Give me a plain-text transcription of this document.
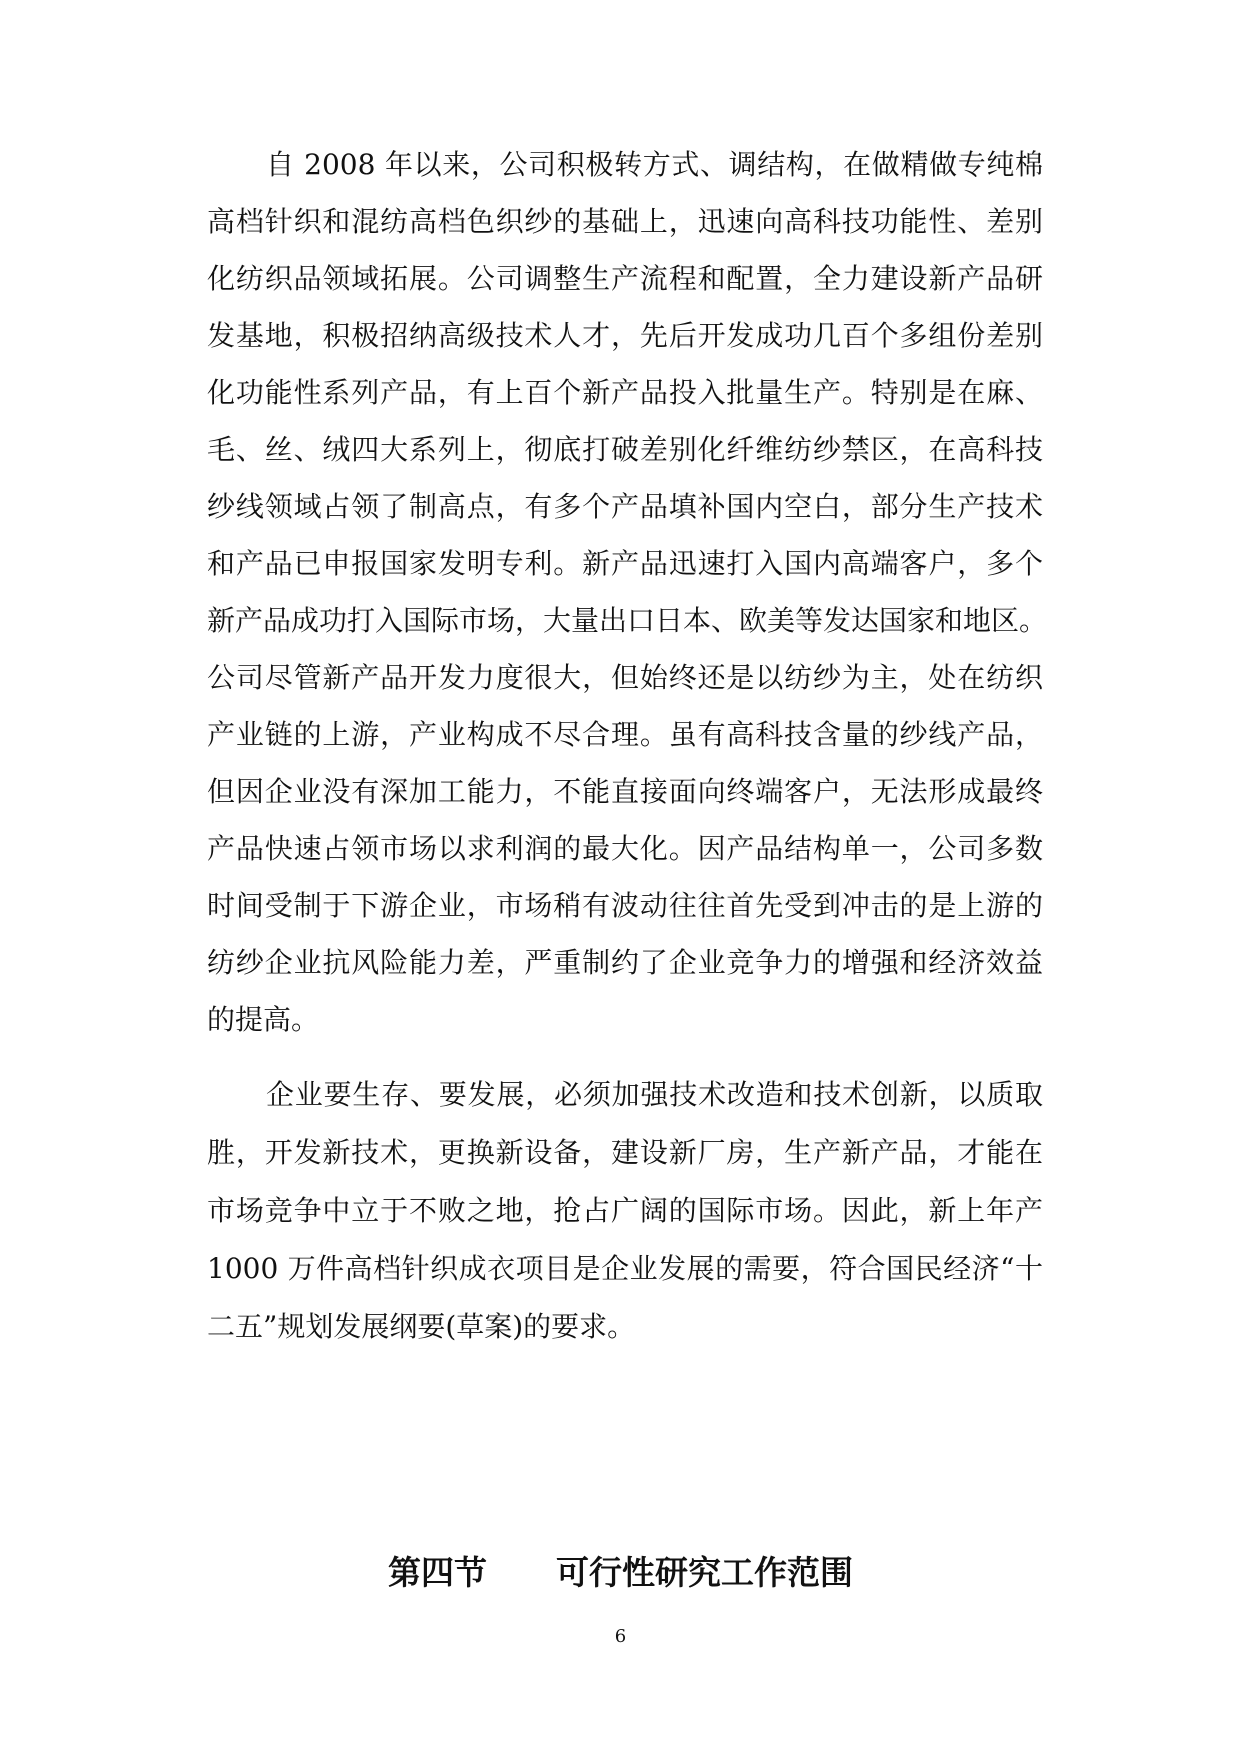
自 2008 年以来，公司积极转方式、调结构，在做精做专纯棉
高档针织和混纺高档色织纱的基础上，迅速向高科技功能性、差别
化纺织品领域拓展。公司调整生产流程和配置，全力建设新产品研
发基地，积极招纳高级技术人才，先后开发成功几百个多组份差别
化功能性系列产品，有上百个新产品投入批量生产。特别是在麻、
毛、丝、绒四大系列上，彻底打破差别化纤维纺纱禁区，在高科技
纱线领域占领了制高点，有多个产品填补国内空白，部分生产技术
和产品已申报国家发明专利。新产品迅速打入国内高端客户，多个
新产品成功打入国际市场，大量出口日本、欧美等发达国家和地区。
公司尽管新产品开发力度很大，但始终还是以纺纱为主，处在纺织
产业链的上游，产业构成不尽合理。虽有高科技含量的纱线产品，
但因企业没有深加工能力，不能直接面向终端客户，无法形成最终
产品快速占领市场以求利润的最大化。因产品结构单一，公司多数
时间受制于下游企业，市场稍有波动往往首先受到冲击的是上游的
纺纱企业抗风险能力差，严重制约了企业竞争力的增强和经济效益
的提高。
企业要生存、要发展，必须加强技术改造和技术创新，以质取
胜，开发新技术，更换新设备，建设新厂房，生产新产品，才能在
市场竞争中立于不败之地，抢占广阔的国际市场。因此，新上年产
1000 万件高档针织成衣项目是企业发展的需要，符合国民经济“十
二五”规划发展纲要(草案)的要求。
第四节      可行性研究工作范围
6
